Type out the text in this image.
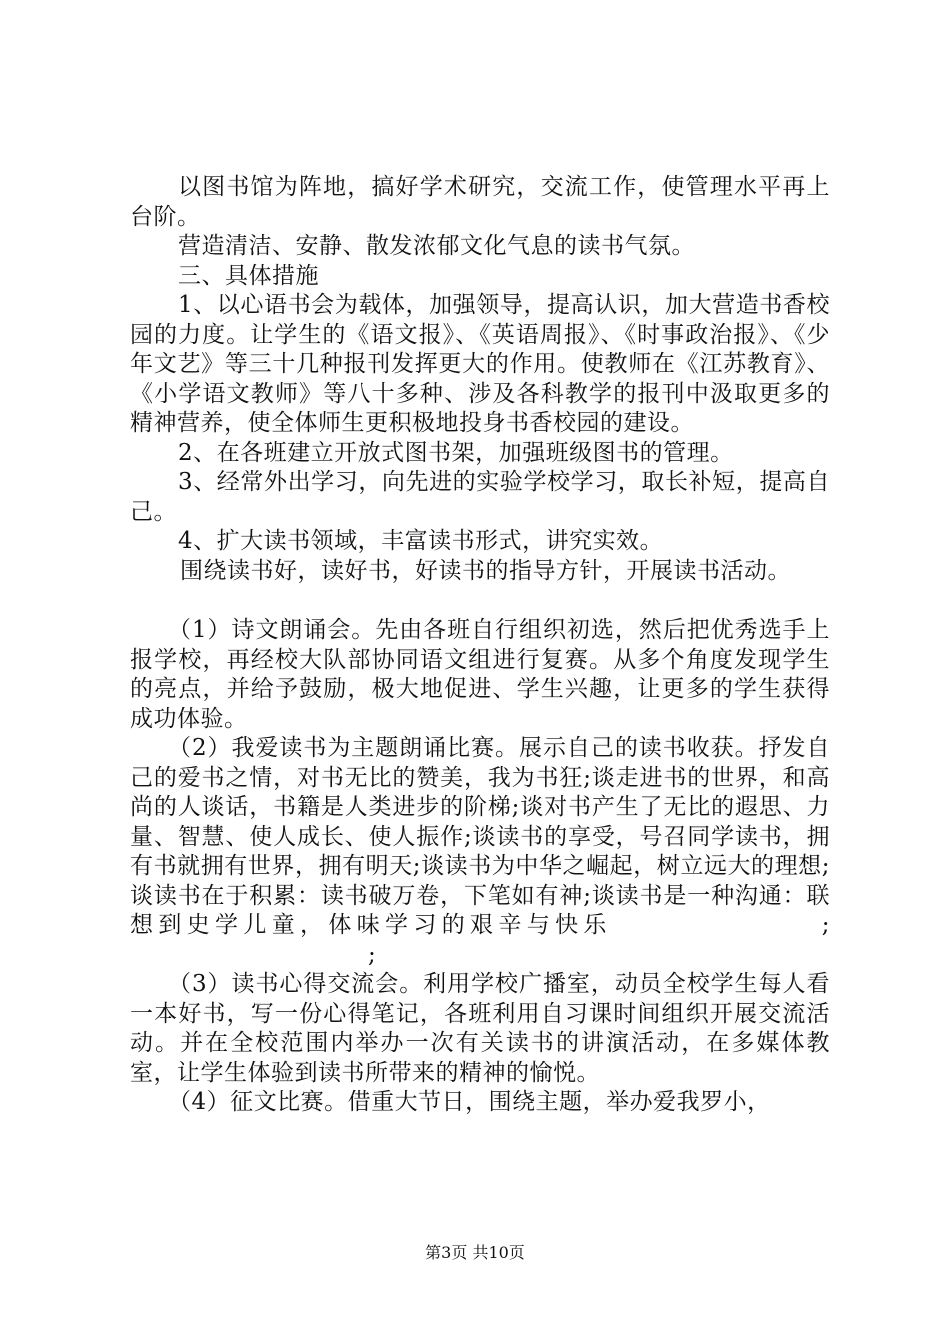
以图书馆为阵地，搞好学术研究，交流工作，使管理水平再上台阶。

营造清洁、安静、散发浓郁文化气息的读书气氛。

三、具体措施

1、以心语书会为载体，加强领导，提高认识，加大营造书香校园的力度。让学生的《语文报》、《英语周报》、《时事政治报》、《少年文艺》等三十几种报刊发挥更大的作用。使教师在《江苏教育》、《小学语文教师》等八十多种、涉及各科教学的报刊中汲取更多的精神营养，使全体师生更积极地投身书香校园的建设。

2、在各班建立开放式图书架，加强班级图书的管理。

3、经常外出学习，向先进的实验学校学习，取长补短，提高自己。

4、扩大读书领域，丰富读书形式，讲究实效。

围绕读书好，读好书，好读书的指导方针，开展读书活动。

（1）诗文朗诵会。先由各班自行组织初选，然后把优秀选手上报学校，再经校大队部协同语文组进行复赛。从多个角度发现学生的亮点，并给予鼓励，极大地促进、学生兴趣，让更多的学生获得成功体验。

（2）我爱读书为主题朗诵比赛。展示自己的读书收获。抒发自己的爱书之情，对书无比的赞美，我为书狂;谈走进书的世界，和高尚的人谈话，书籍是人类进步的阶梯;谈对书产生了无比的遐思、力量、智慧、使人成长、使人振作;谈读书的享受，号召同学读书，拥有书就拥有世界，拥有明天;谈读书为中华之崛起，树立远大的理想;谈读书在于积累：读书破万卷，下笔如有神;谈读书是一种沟通：联想到史学儿童，体味学习的艰辛与快乐	;;

（3）读书心得交流会。利用学校广播室，动员全校学生每人看一本好书，写一份心得笔记，各班利用自习课时间组织开展交流活动。并在全校范围内举办一次有关读书的讲演活动，在多媒体教室，让学生体验到读书所带来的精神的愉悦。

（4）征文比赛。借重大节日，围绕主题，举办爱我罗小，

第3页 共10页
